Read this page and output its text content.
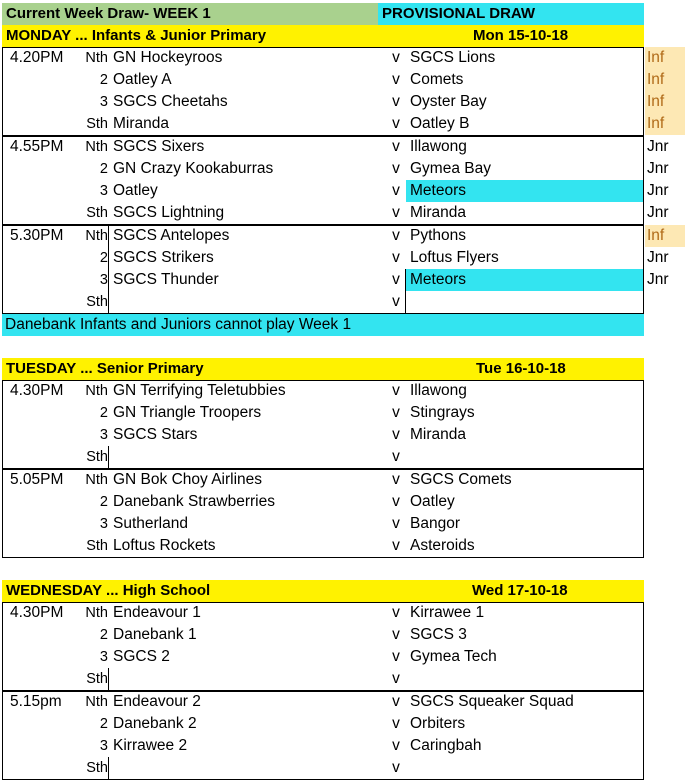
Current Week Draw- WEEK 1	PROVISIONAL DRAW
MONDAY ... Infants & Junior Primary	Mon 15-10-18
4.20PM	Nth GN Hockeyroos	v SGCS Lions	Inf
2 Oatley A	v Comets	Inf
3 SGCS Cheetahs	v Oyster Bay	Inf
Sth Miranda	v Oatley B	Inf
4.55PM	Nth SGCS Sixers	v Illawong	Jnr
2 GN Crazy Kookaburras	v Gymea Bay	Jnr
3 Oatley	v Meteors	Jnr
Sth SGCS Lightning	v Miranda	Jnr
5.30PM	Nth SGCS Antelopes	v Pythons	Inf
2 SGCS Strikers	v Loftus Flyers	Jnr
3 SGCS Thunder	v Meteors	Jnr
Sth	v
Danebank Infants and Juniors cannot play Week 1
TUESDAY ... Senior Primary	Tue 16-10-18
4.30PM	Nth GN Terrifying Teletubbies	v Illawong
2 GN Triangle Troopers	v Stingrays
3 SGCS Stars	v Miranda
Sth	v
5.05PM	Nth GN Bok Choy Airlines	v SGCS Comets
2 Danebank Strawberries	v Oatley
3 Sutherland	v Bangor
Sth Loftus Rockets	v Asteroids
WEDNESDAY ... High School	Wed 17-10-18
4.30PM	Nth Endeavour 1	v Kirrawee 1
2 Danebank 1	v SGCS 3
3 SGCS 2	v Gymea Tech
Sth	v
5.15pm	Nth Endeavour 2	v SGCS Squeaker Squad
2 Danebank 2	v Orbiters
3 Kirrawee 2	v Caringbah
Sth	v
